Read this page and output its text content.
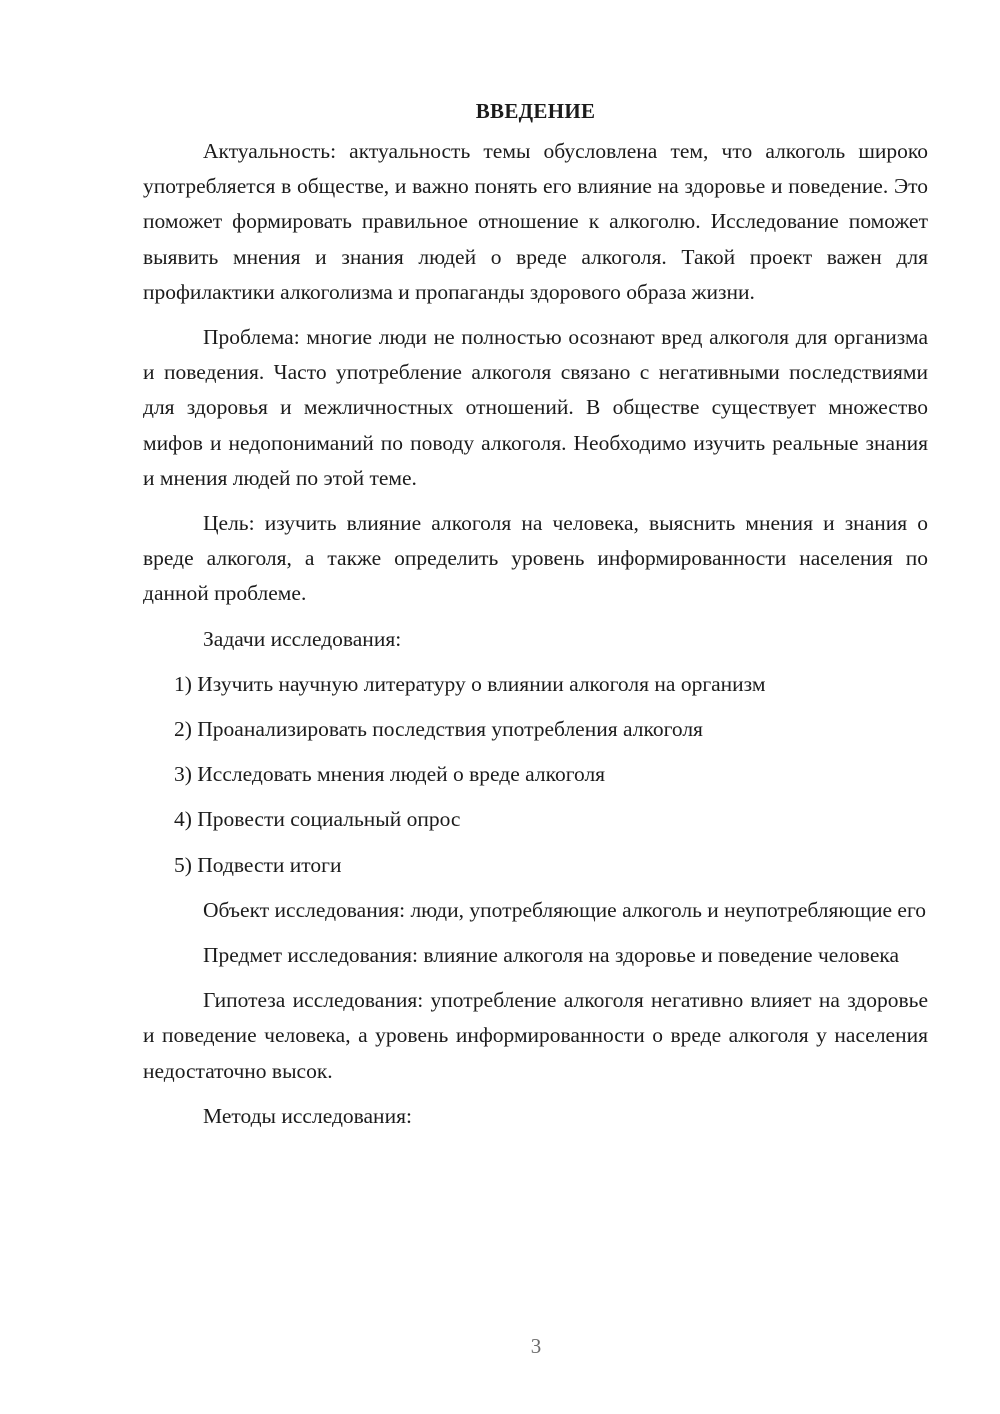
ВВЕДЕНИЕ

Актуальность: актуальность темы обусловлена тем, что алкоголь широко употребляется в обществе, и важно понять его влияние на здоровье и поведение. Это поможет формировать правильное отношение к алкоголю. Исследование поможет выявить мнения и знания людей о вреде алкоголя. Такой проект важен для профилактики алкоголизма и пропаганды здорового образа жизни.

Проблема: многие люди не полностью осознают вред алкоголя для организма и поведения. Часто употребление алкоголя связано с негативными последствиями для здоровья и межличностных отношений. В обществе существует множество мифов и недопониманий по поводу алкоголя. Необходимо изучить реальные знания и мнения людей по этой теме.

Цель: изучить влияние алкоголя на человека, выяснить мнения и знания о вреде алкоголя, а также определить уровень информированности населения по данной проблеме.

Задачи исследования:

1) Изучить научную литературу о влиянии алкоголя на организм
2) Проанализировать последствия употребления алкоголя
3) Исследовать мнения людей о вреде алкоголя
4) Провести социальный опрос
5) Подвести итоги

Объект исследования: люди, употребляющие алкоголь и неупотребляющие его

Предмет исследования: влияние алкоголя на здоровье и поведение человека

Гипотеза исследования: употребление алкоголя негативно влияет на здоровье и поведение человека, а уровень информированности о вреде алкоголя у населения недостаточно высок.

Методы исследования:

3
